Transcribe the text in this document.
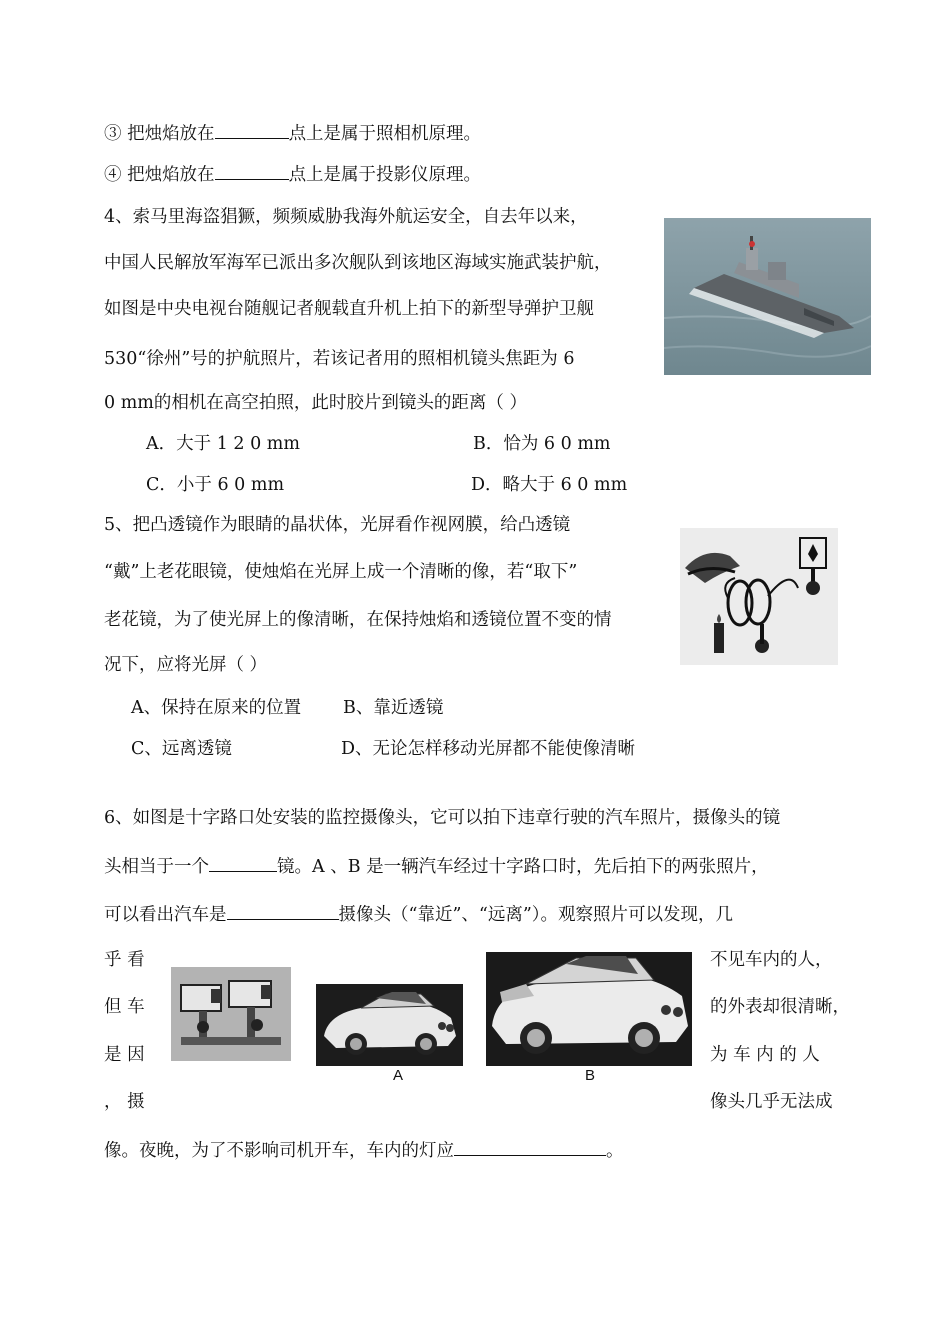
③ 把烛焰放在	点上是属于照相机原理。
④ 把烛焰放在	点上是属于投影仪原理。
4、索马里海盗猖獗，频频威胁我海外航运安全，自去年以来，
中国人民解放军海军已派出多次舰队到该地区海域实施武装护航，
如图是中央电视台随舰记者舰载直升机上拍下的新型导弹护卫舰
530“徐州”号的护航照片，若该记者用的照相机镜头焦距为 6
0 mm的相机在高空拍照，此时胶片到镜头的距离（ ）
A．大于 1 2 0 mm	B．恰为 6 0 mm
C．小于 6 0 mm	D．略大于 6 0 mm
5、把凸透镜作为眼睛的晶状体，光屏看作视网膜，给凸透镜
“戴”上老花眼镜，使烛焰在光屏上成一个清晰的像，若“取下”
老花镜，为了使光屏上的像清晰，在保持烛焰和透镜位置不变的情
况下，应将光屏（ ）
A、保持在原来的位置 B、靠近透镜
C、远离透镜	D、无论怎样移动光屏都不能使像清晰
6、如图是十字路口处安装的监控摄像头，它可以拍下违章行驶的汽车照片，摄像头的镜
头相当于一个	镜。A 、B 是一辆汽车经过十字路口时，先后拍下的两张照片，
可以看出汽车是	摄像头（“靠近”、“远离”）。观察照片可以发现，几
乎 看
但 车
是 因
， 摄
不见车内的人，
的外表却很清晰，
为 车 内 的 人
像头几乎无法成
像。夜晚，为了不影响司机开车，车内的灯应	。
A	B
